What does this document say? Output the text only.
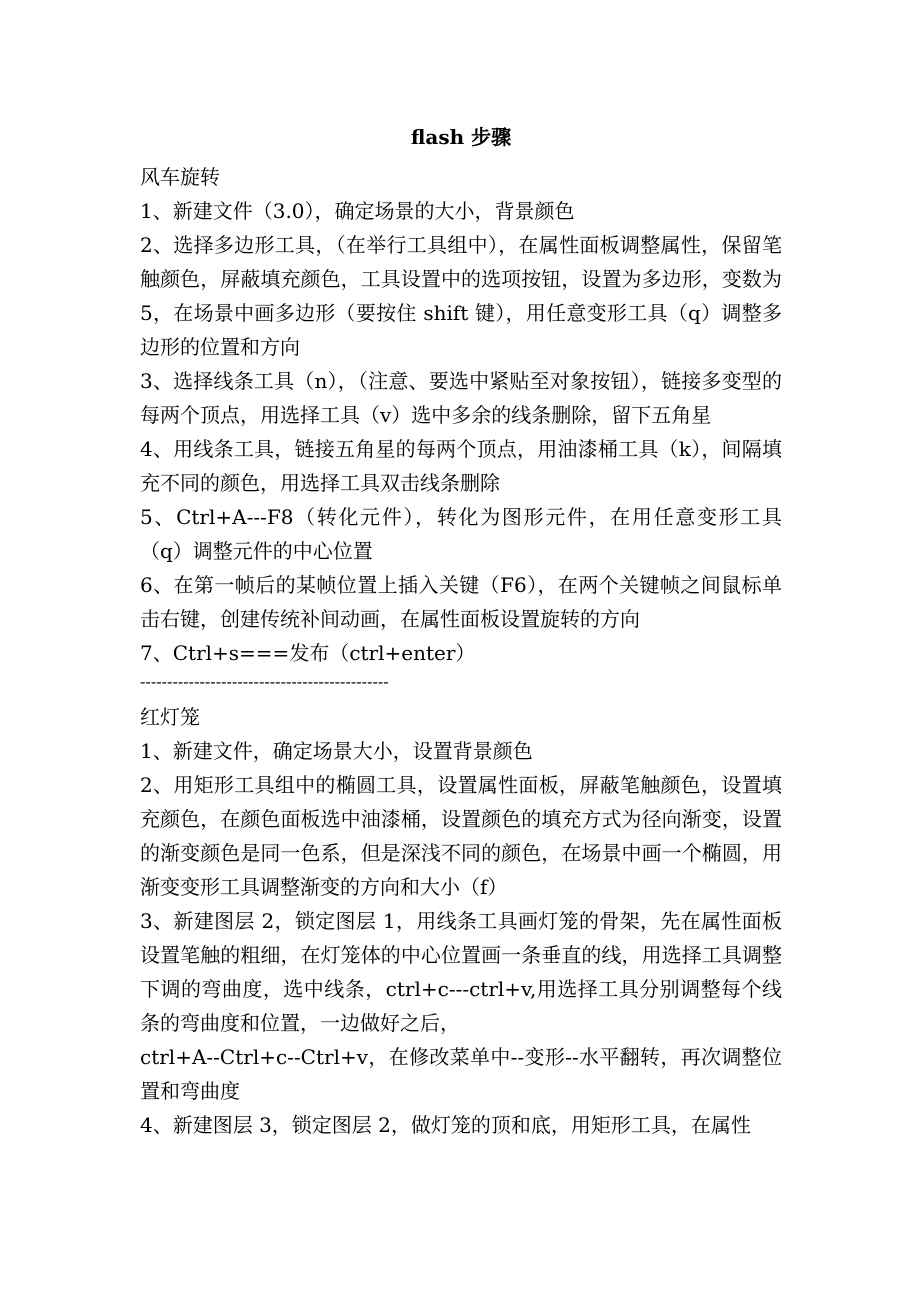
flash 步骤

风车旋转

1、新建文件（3.0），确定场景的大小，背景颜色

2、选择多边形工具，（在举行工具组中），在属性面板调整属性，保留笔触颜色，屏蔽填充颜色，工具设置中的选项按钮，设置为多边形，变数为 5，在场景中画多边形（要按住 shift 键），用任意变形工具（q）调整多边形的位置和方向

3、选择线条工具（n），（注意、要选中紧贴至对象按钮），链接多变型的每两个顶点，用选择工具（v）选中多余的线条删除，留下五角星

4、用线条工具，链接五角星的每两个顶点，用油漆桶工具（k），间隔填充不同的颜色，用选择工具双击线条删除

5、Ctrl+A---F8（转化元件），转化为图形元件，在用任意变形工具（q）调整元件的中心位置

6、在第一帧后的某帧位置上插入关键（F6），在两个关键帧之间鼠标单击右键，创建传统补间动画，在属性面板设置旋转的方向

7、Ctrl+s===发布（ctrl+enter）

----------------------------------------------

红灯笼

1、新建文件，确定场景大小，设置背景颜色

2、用矩形工具组中的椭圆工具，设置属性面板，屏蔽笔触颜色，设置填充颜色，在颜色面板选中油漆桶，设置颜色的填充方式为径向渐变，设置的渐变颜色是同一色系，但是深浅不同的颜色，在场景中画一个椭圆，用渐变变形工具调整渐变的方向和大小（f）

3、新建图层 2，锁定图层 1，用线条工具画灯笼的骨架，先在属性面板设置笔触的粗细，在灯笼体的中心位置画一条垂直的线，用选择工具调整下调的弯曲度，选中线条，ctrl+c---ctrl+v,用选择工具分别调整每个线条的弯曲度和位置，一边做好之后，

ctrl+A--Ctrl+c--Ctrl+v，在修改菜单中--变形--水平翻转，再次调整位置和弯曲度

4、新建图层 3，锁定图层 2，做灯笼的顶和底，用矩形工具，在属性
